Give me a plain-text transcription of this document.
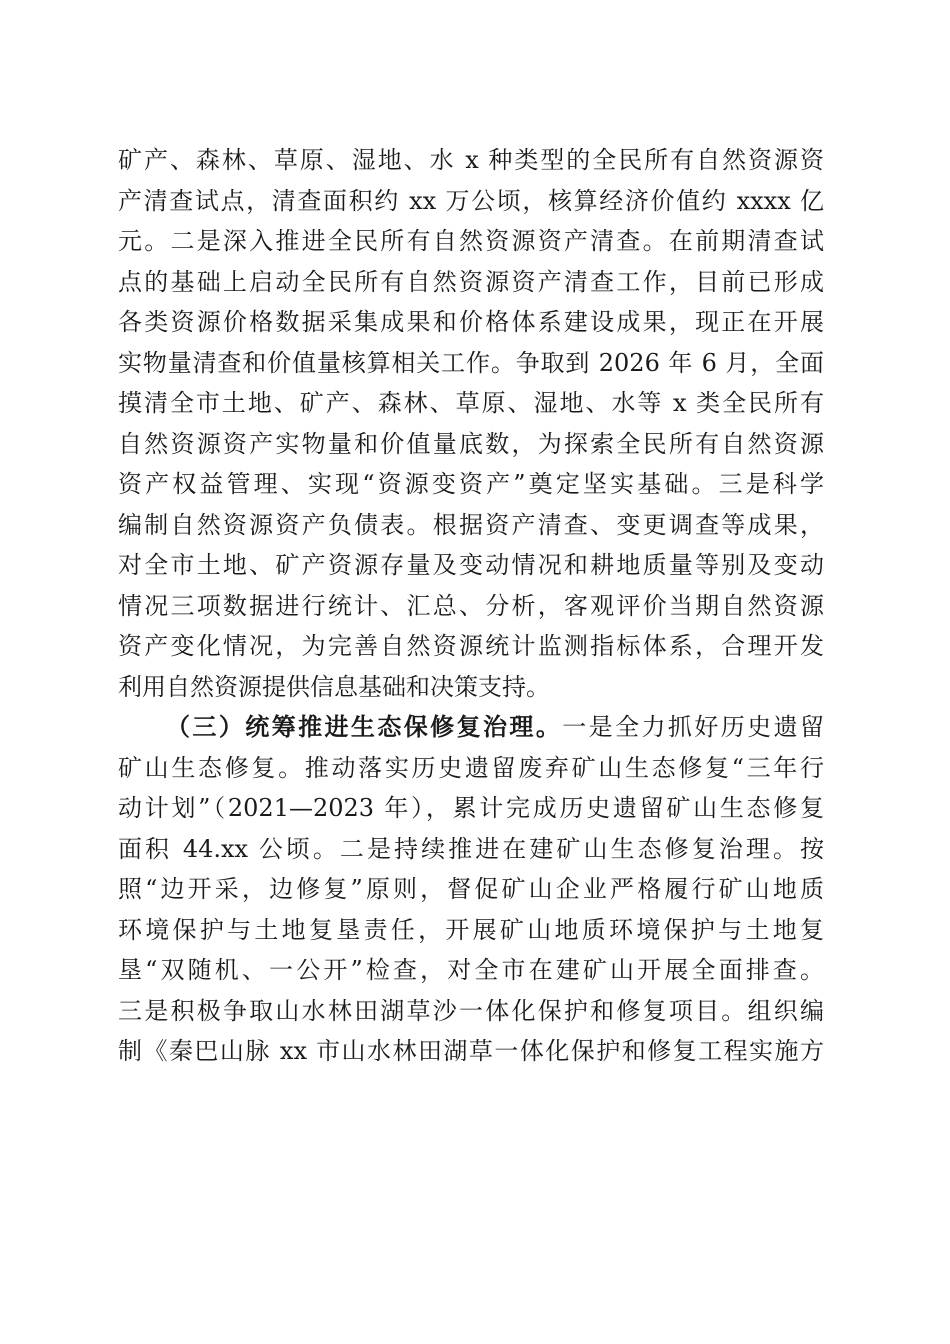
矿产、森林、草原、湿地、水 x 种类型的全民所有自然资源资
产清查试点，清查面积约 xx 万公顷，核算经济价值约 xxxx 亿
元。二是深入推进全民所有自然资源资产清查。在前期清查试
点的基础上启动全民所有自然资源资产清查工作，目前已形成
各类资源价格数据采集成果和价格体系建设成果，现正在开展
实物量清查和价值量核算相关工作。争取到 2026 年 6 月，全面
摸清全市土地、矿产、森林、草原、湿地、水等 x 类全民所有
自然资源资产实物量和价值量底数，为探索全民所有自然资源
资产权益管理、实现“资源变资产”奠定坚实基础。三是科学
编制自然资源资产负债表。根据资产清查、变更调查等成果，
对全市土地、矿产资源存量及变动情况和耕地质量等别及变动
情况三项数据进行统计、汇总、分析，客观评价当期自然资源
资产变化情况，为完善自然资源统计监测指标体系，合理开发
利用自然资源提供信息基础和决策支持。
（三）统筹推进生态保修复治理。一是全力抓好历史遗留
矿山生态修复。推动落实历史遗留废弃矿山生态修复“三年行
动计划”（2021—2023 年），累计完成历史遗留矿山生态修复
面积 44.xx 公顷。二是持续推进在建矿山生态修复治理。按
照“边开采，边修复”原则，督促矿山企业严格履行矿山地质
环境保护与土地复垦责任，开展矿山地质环境保护与土地复
垦“双随机、一公开”检查，对全市在建矿山开展全面排查。
三是积极争取山水林田湖草沙一体化保护和修复项目。组织编
制《秦巴山脉 xx 市山水林田湖草一体化保护和修复工程实施方
